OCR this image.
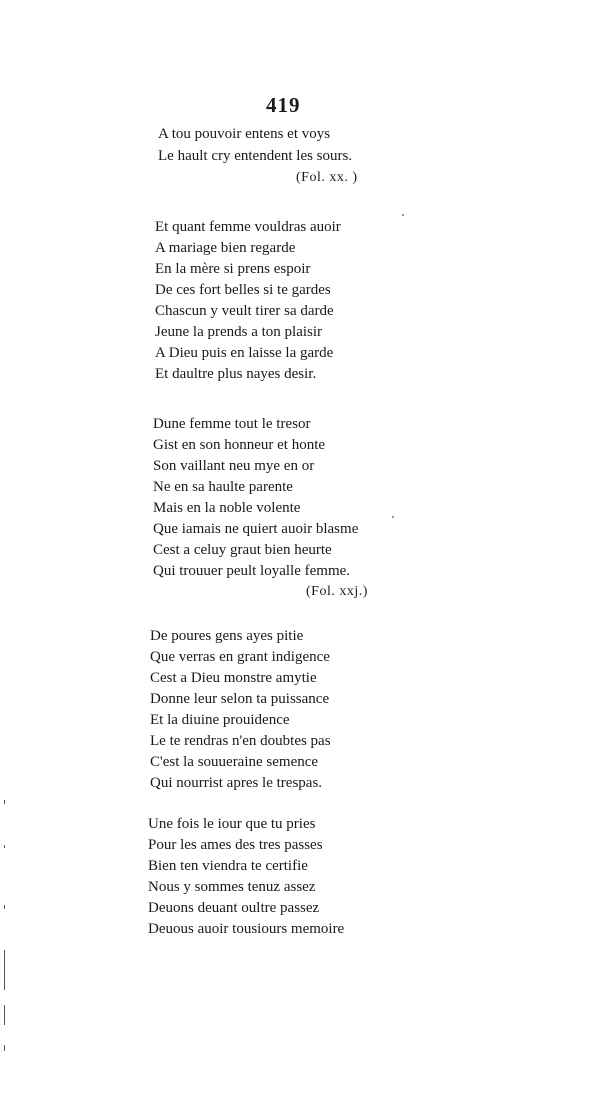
419
A tou pouvoir entens et voys
Le hault cry entendent les sours.
(Fol. xx. )
Et quant femme vouldras auoir
A mariage bien regarde
En la mère si prens espoir
De ces fort belles si te gardes
Chascun y veult tirer sa darde
Jeune la prends a ton plaisir
A Dieu puis en laisse la garde
Et daultre plus nayes desir.
Dune femme tout le tresor
Gist en son honneur et honte
Son vaillant neu mye en or
Ne en sa haulte parente
Mais en la noble volente
Que iamais ne quiert auoir blasme
Cest a celuy graut bien heurte
Qui trouuer peult loyalle femme.
(Fol. xxj.)
De poures gens ayes pitie
Que verras en grant indigence
Cest a Dieu monstre amytie
Donne leur selon ta puissance
Et la diuine prouidence
Le te rendras n'en doubtes pas
C'est la souueraine semence
Qui nourrist apres le trespas.
Une fois le iour que tu pries
Pour les ames des tres passes
Bien ten viendra te certifie
Nous y sommes tenuz assez
Deuons deuant oultre passez
Deuous auoir tousiours memoire
